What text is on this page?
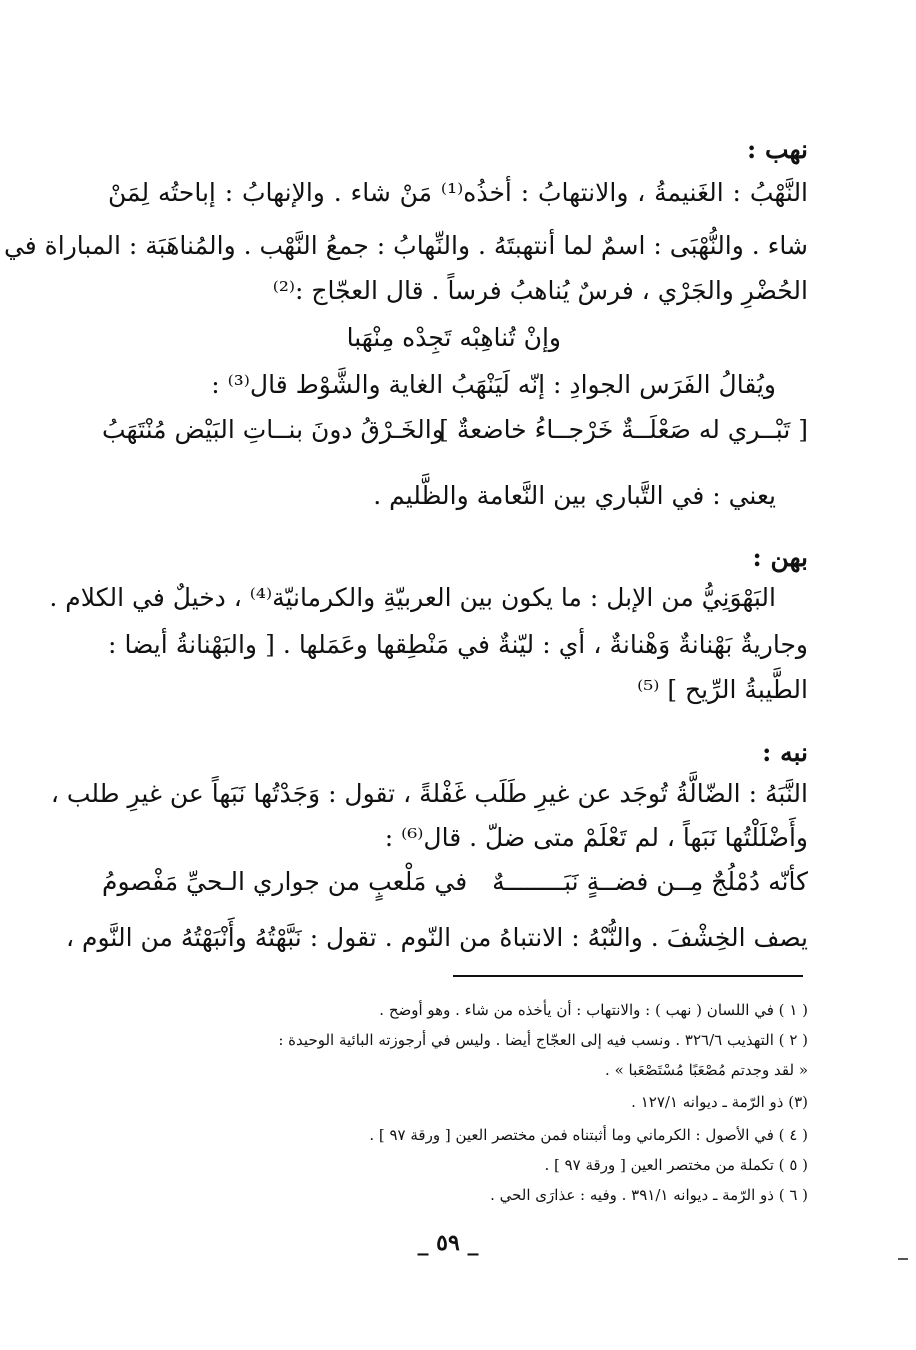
نهب :
النَّهْبُ : الغَنيمةُ ، والانتهابُ : أخذُه⁽¹⁾ مَنْ شاء . والإنهابُ : إباحتُه لِمَنْ
شاء . والنُّهْبَى : اسمٌ لما أنتهبتَهُ . والنِّهابُ : جمعُ النَّهْب . والمُناهَبَة : المباراة في
الحُضْرِ والجَرْي ، فرسٌ يُناهبُ فرساً . قال العجّاج :⁽²⁾
وإنْ تُناهِبْه تَجِدْه مِنْهَبا
ويُقالُ الفَرَس الجوادِ : إنّه لَيَنْهَبُ الغاية والشَّوْط قال⁽³⁾ :
[ تَبْــري له صَعْلَــةٌ خَرْجــاءُ خاضعةٌ ]
والخَـرْقُ دونَ بنــاتِ البَيْض مُنْتَهَبُ
يعني : في التَّباري بين النَّعامة والظَّليم .
بهن :
البَهْوَنِيُّ من الإبل : ما يكون بين العربيّةِ والكرمانيّة⁽⁴⁾ ، دخيلٌ في الكلام .
وجاريةٌ بَهْنانةٌ وَهْنانةٌ ، أي : ليّنةٌ في مَنْطِقها وعَمَلها . [ والبَهْنانةُ أيضا :
الطَّيبةُ الرِّيح ] ⁽⁵⁾
نبه :
النَّبَهُ : الضّالَّةُ تُوجَد عن غيرِ طَلَب غَفْلةً ، تقول : وَجَدْتُها نَبَهاً عن غيرِ طلب ،
وأَضْلَلْتُها نَبَهاً ، لم تَعْلَمْ متى ضلّ . قال⁽⁶⁾ :
كأنّه دُمْلُجٌ مِــن فضــةٍ نَبَــــــــهٌ
في مَلْعبٍ من جواري الـحيِّ مَفْصومُ
يصف الخِشْفَ . والنُّبْهُ : الانتباهُ من النّوم . تقول : نَبَّهْتُهُ وأَنْبَهْتُهُ من النَّوم ،
( ١ ) في اللسان ( نهب ) : والانتهاب : أن يأخذه من شاء . وهو أوضح .
( ٢ ) التهذيب ٣٢٦/٦ . ونسب فيه إلى العجّاج أيضا . وليس في أرجوزته البائية الوحيدة :
« لقد وجدتم مُصْعَبًا مُسْتَصْعَبا » .
(٣) ذو الرّمة ـ ديوانه ١٢٧/١ .
( ٤ ) في الأصول : الكرماني وما أثبتناه فمن مختصر العين [ ورقة ٩٧ ] .
( ٥ ) تكملة من مختصر العين [ ورقة ٩٧ ] .
( ٦ ) ذو الرّمة ـ ديوانه ٣٩١/١ . وفيه : عذارَى الحي .
_ ٥٩ _
